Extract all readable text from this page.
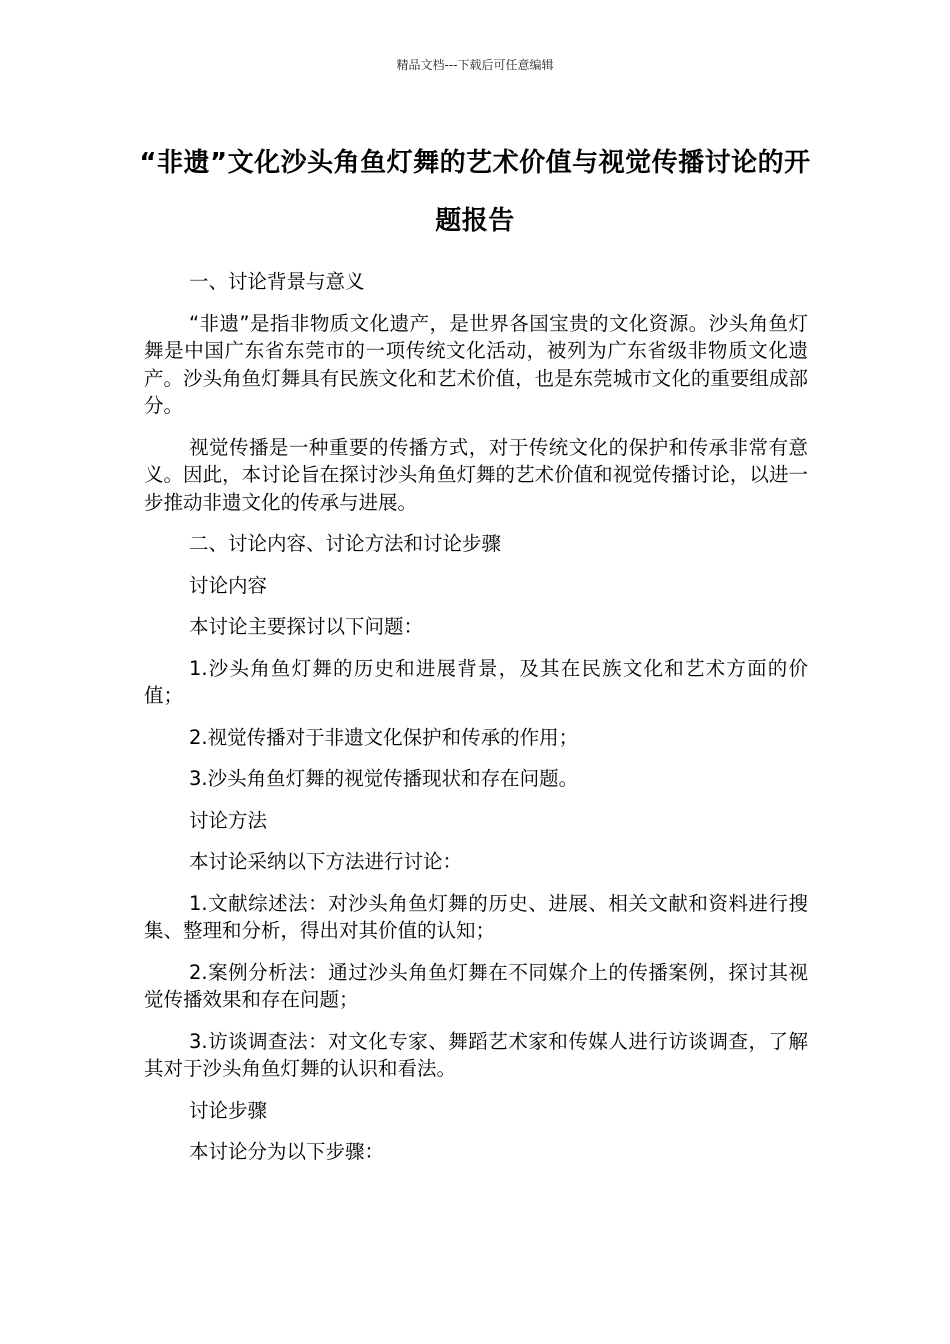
精品文档---下载后可任意编辑
“非遗”文化沙头角鱼灯舞的艺术价值与视觉传播讨论的开题报告

一、讨论背景与意义

“非遗”是指非物质文化遗产，是世界各国宝贵的文化资源。沙头角鱼灯舞是中国广东省东莞市的一项传统文化活动，被列为广东省级非物质文化遗产。沙头角鱼灯舞具有民族文化和艺术价值，也是东莞城市文化的重要组成部分。

视觉传播是一种重要的传播方式，对于传统文化的保护和传承非常有意义。因此，本讨论旨在探讨沙头角鱼灯舞的艺术价值和视觉传播讨论，以进一步推动非遗文化的传承与进展。

二、讨论内容、讨论方法和讨论步骤

讨论内容

本讨论主要探讨以下问题：

1.沙头角鱼灯舞的历史和进展背景，及其在民族文化和艺术方面的价值；

2.视觉传播对于非遗文化保护和传承的作用；

3.沙头角鱼灯舞的视觉传播现状和存在问题。

讨论方法

本讨论采纳以下方法进行讨论：

1.文献综述法：对沙头角鱼灯舞的历史、进展、相关文献和资料进行搜集、整理和分析，得出对其价值的认知；

2.案例分析法：通过沙头角鱼灯舞在不同媒介上的传播案例，探讨其视觉传播效果和存在问题；

3.访谈调查法：对文化专家、舞蹈艺术家和传媒人进行访谈调查，了解其对于沙头角鱼灯舞的认识和看法。

讨论步骤

本讨论分为以下步骤：
